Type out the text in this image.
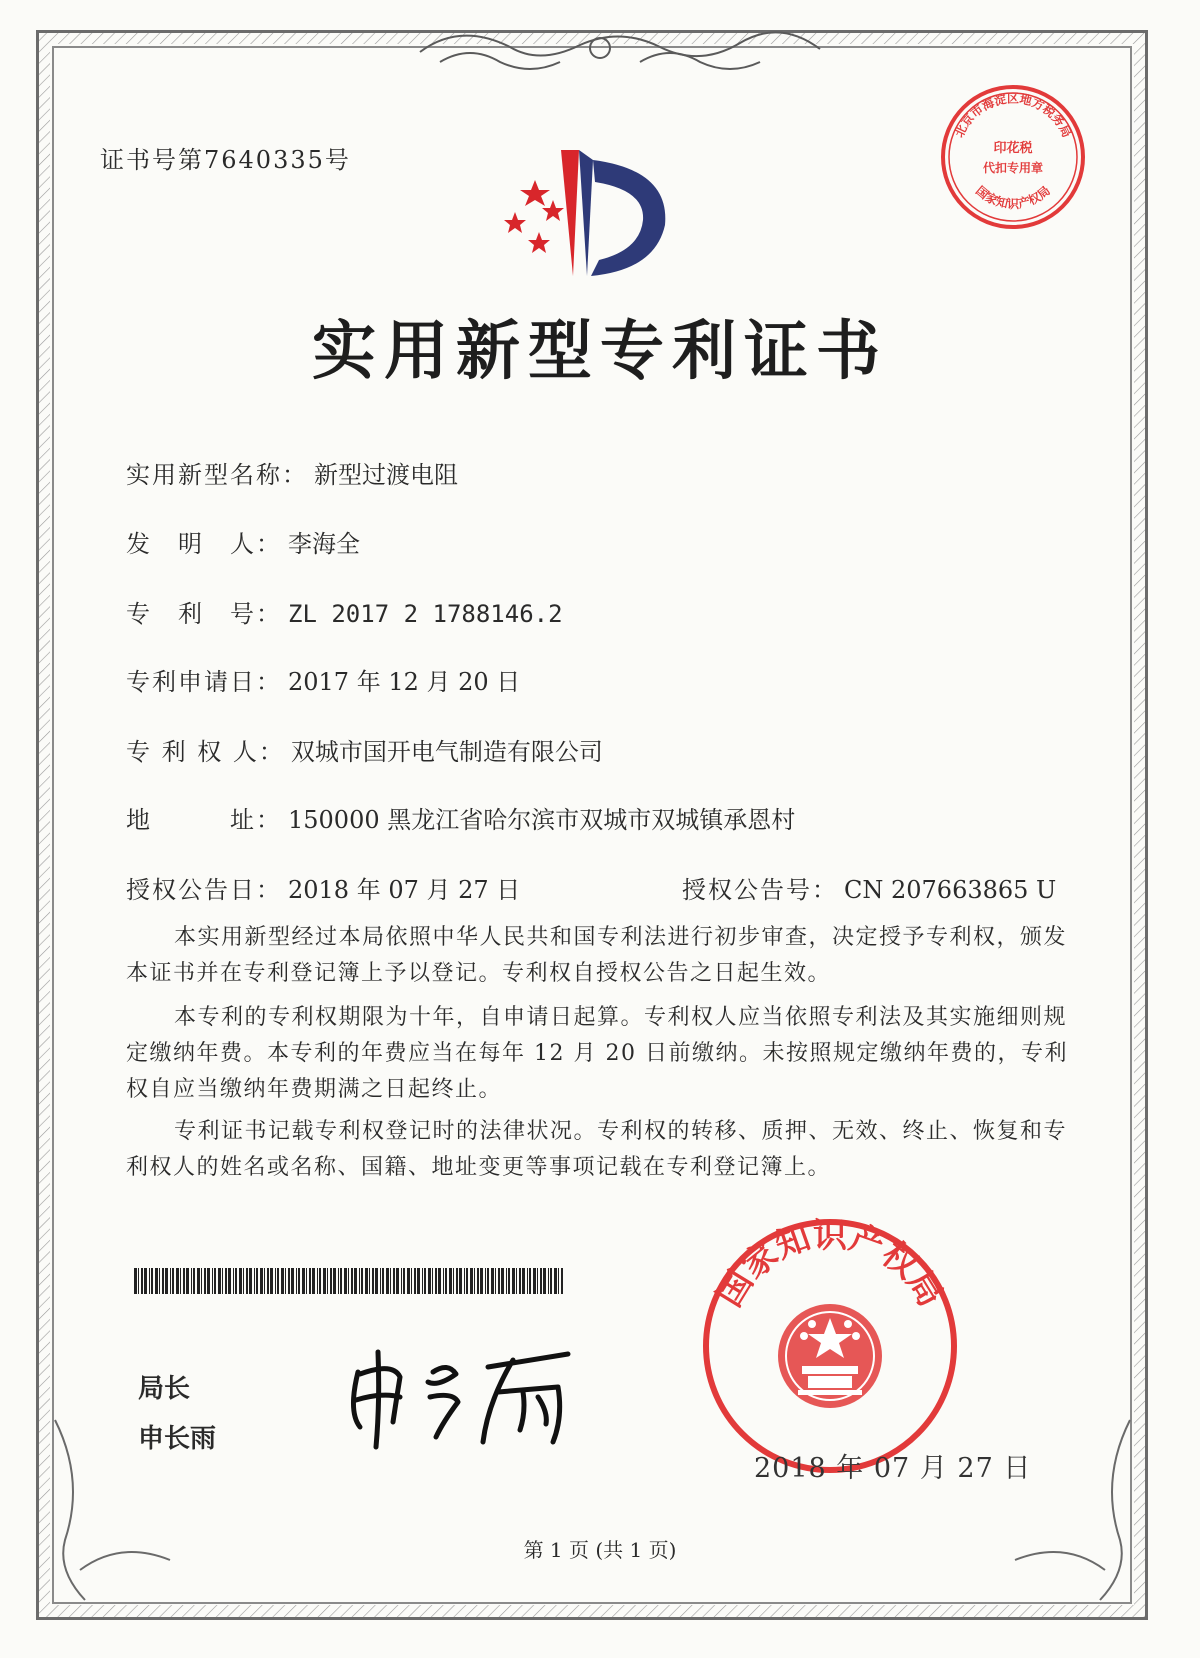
证书号第7640335号
北京市海淀区地方税务局
印花税
代扣专用章
国家知识产权局
实用新型专利证书
实用新型名称： 新型过渡电阻
发　明　人： 李海全
专　利　号： ZL 2017 2 1788146.2
专利申请日： 2017 年 12 月 20 日
专 利 权 人： 双城市国开电气制造有限公司
地　　　址： 150000 黑龙江省哈尔滨市双城市双城镇承恩村
授权公告日： 2018 年 07 月 27 日	授权公告号： CN 207663865 U
本实用新型经过本局依照中华人民共和国专利法进行初步审查，决定授予专利权，颁发本证书并在专利登记簿上予以登记。专利权自授权公告之日起生效。
本专利的专利权期限为十年，自申请日起算。专利权人应当依照专利法及其实施细则规定缴纳年费。本专利的年费应当在每年 12 月 20 日前缴纳。未按照规定缴纳年费的，专利权自应当缴纳年费期满之日起终止。
专利证书记载专利权登记时的法律状况。专利权的转移、质押、无效、终止、恢复和专利权人的姓名或名称、国籍、地址变更等事项记载在专利登记簿上。
局长
申长雨
国家知识产权局
2018 年 07 月 27 日
第 1 页 (共 1 页)
